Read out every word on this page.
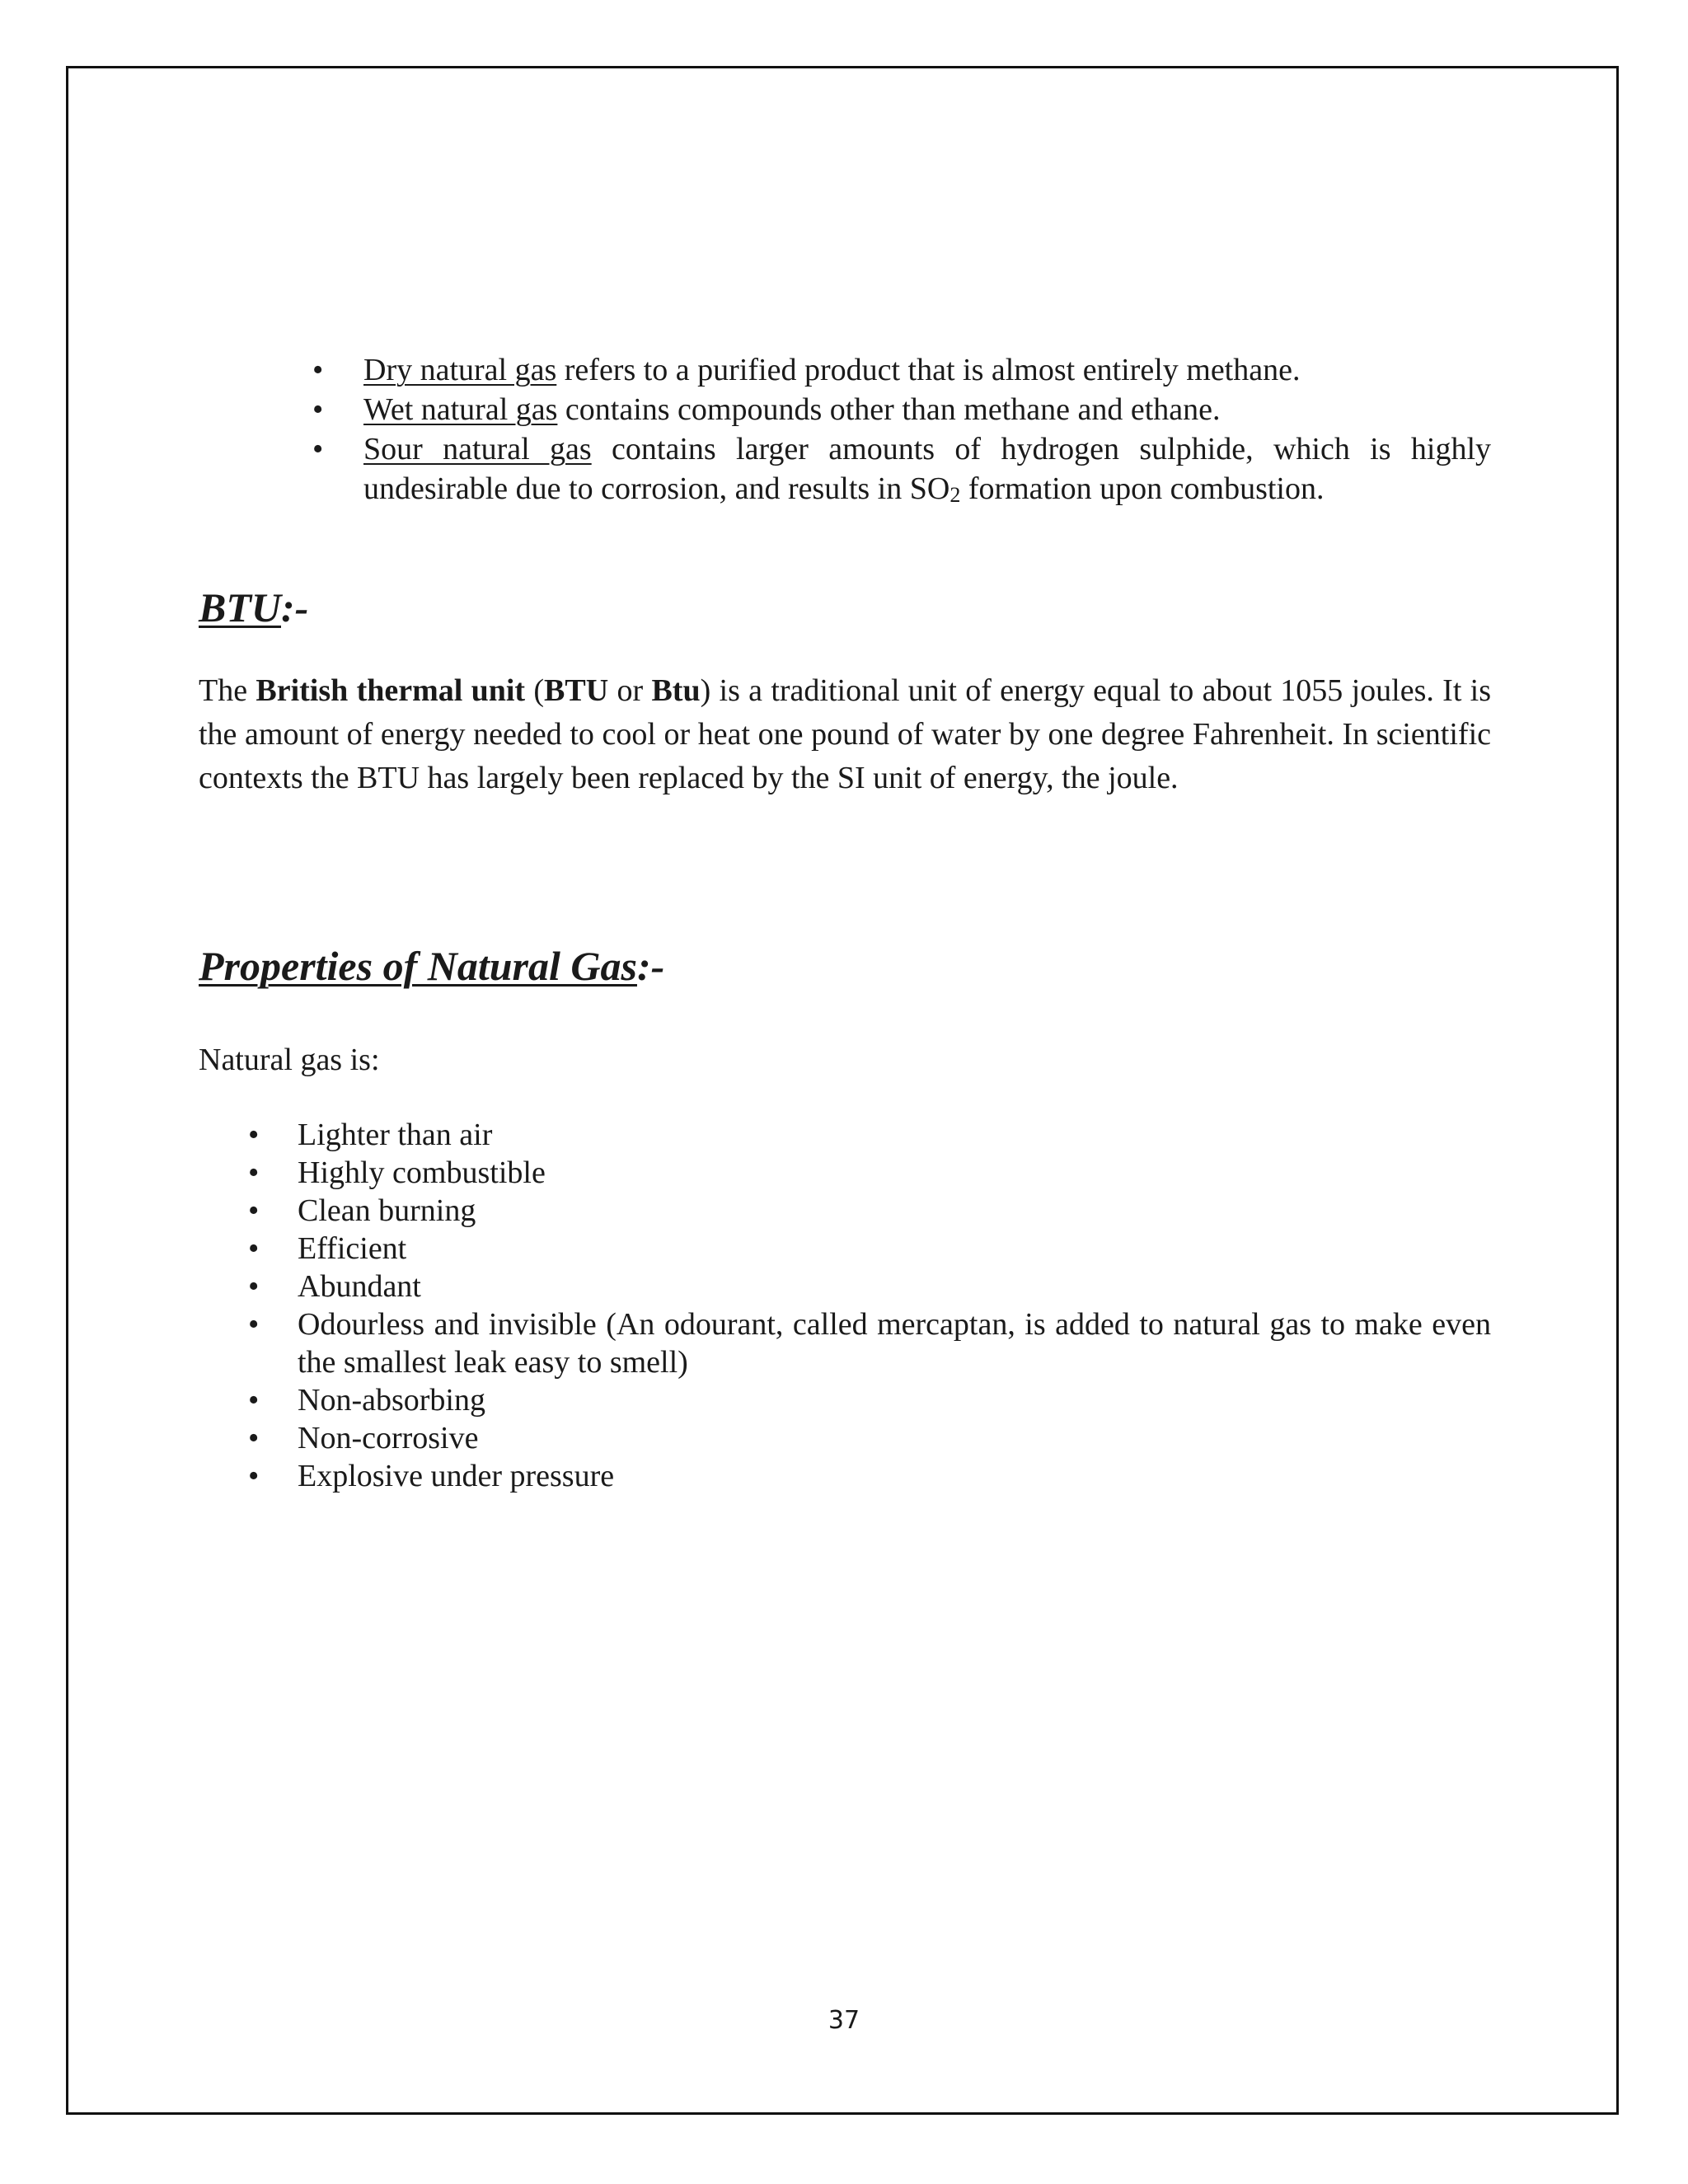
• Dry natural gas refers to a purified product that is almost entirely methane.
• Wet natural gas contains compounds other than methane and ethane.
• Sour natural gas contains larger amounts of hydrogen sulphide, which is highly undesirable due to corrosion, and results in $SO_2$ formation upon combustion.
BTU:-

The British thermal unit (BTU or Btu) is a traditional unit of energy equal to about 1055 joules. It is the amount of energy needed to cool or heat one pound of water by one degree Fahrenheit. In scientific contexts the BTU has largely been replaced by the SI unit of energy, the joule.

Properties of Natural Gas:-

Natural gas is:

• Lighter than air
• Highly combustible
• Clean burning
• Efficient
• Abundant
• Odourless and invisible (An odourant, called mercaptan, is added to natural gas to make even the smallest leak easy to smell)
• Non-absorbing
• Non-corrosive
• Explosive under pressure
37
